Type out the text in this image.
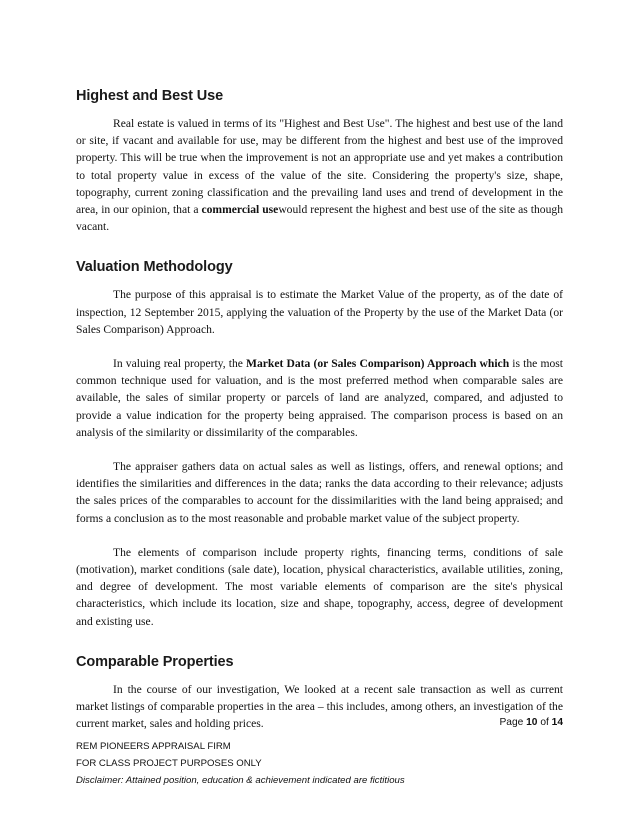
Highest and Best Use

Real estate is valued in terms of its "Highest and Best Use". The highest and best use of the land or site, if vacant and available for use, may be different from the highest and best use of the improved property. This will be true when the improvement is not an appropriate use and yet makes a contribution to total property value in excess of the value of the site. Considering the property's size, shape, topography, current zoning classification and the prevailing land uses and trend of development in the area, in our opinion, that a commercial usewould represent the highest and best use of the site as though vacant.

Valuation Methodology

The purpose of this appraisal is to estimate the Market Value of the property, as of the date of inspection, 12 September 2015, applying the valuation of the Property by the use of the Market Data (or Sales Comparison) Approach.

In valuing real property, the Market Data (or Sales Comparison) Approach which is the most common technique used for valuation, and is the most preferred method when comparable sales are available, the sales of similar property or parcels of land are analyzed, compared, and adjusted to provide a value indication for the property being appraised. The comparison process is based on an analysis of the similarity or dissimilarity of the comparables.

The appraiser gathers data on actual sales as well as listings, offers, and renewal options; and identifies the similarities and differences in the data; ranks the data according to their relevance; adjusts the sales prices of the comparables to account for the dissimilarities with the land being appraised; and forms a conclusion as to the most reasonable and probable market value of the subject property.

The elements of comparison include property rights, financing terms, conditions of sale (motivation), market conditions (sale date), location, physical characteristics, available utilities, zoning, and degree of development. The most variable elements of comparison are the site's physical characteristics, which include its location, size and shape, topography, access, degree of development and existing use.

Comparable Properties

In the course of our investigation, We looked at a recent sale transaction as well as current market listings of comparable properties in the area – this includes, among others, an investigation of the current market, sales and holding prices.	Page 10 of 14
REM PIONEERS APPRAISAL FIRM
FOR CLASS PROJECT PURPOSES ONLY
Disclaimer: Attained position, education & achievement indicated are fictitious
